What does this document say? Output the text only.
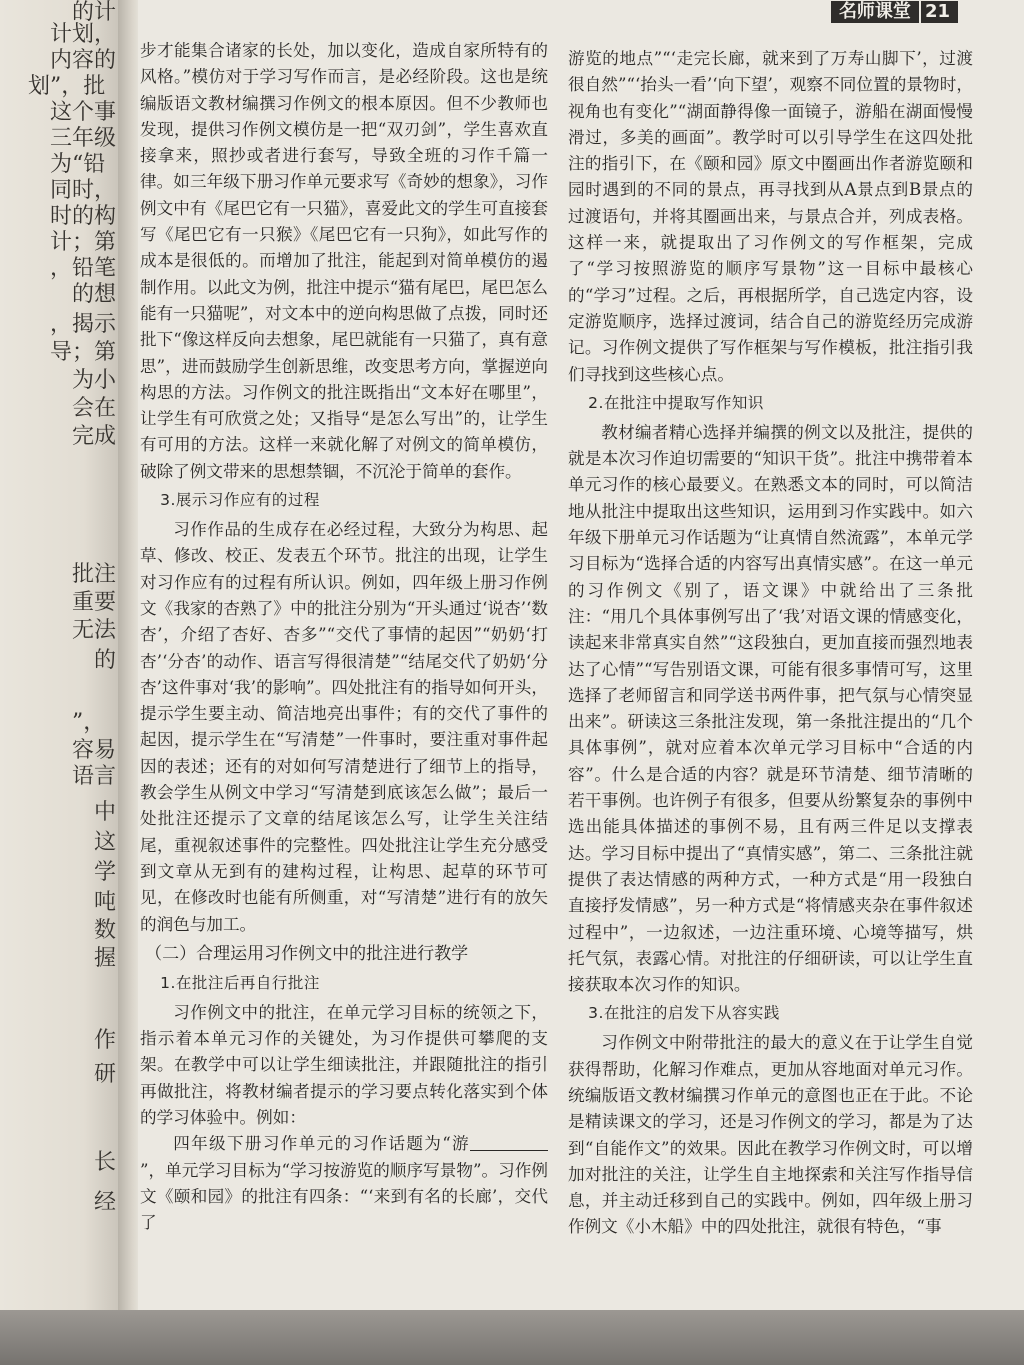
的计
计划，
内容的
划”，批
这个事
三年级
为“铅
同时，
时的构
计；第
，铅笔
的想
，揭示
导；第
为小
会在
完成
批注
重要
无法
的
”，
容易
语言
中
这
学
吨
数
握
作
研
长
经
名师课堂 21

步才能集合诸家的长处，加以变化，造成自家所特有的风格。”模仿对于学习写作而言，是必经阶段。这也是统编版语文教材编撰习作例文的根本原因。但不少教师也发现，提供习作例文模仿是一把“双刃剑”，学生喜欢直接拿来，照抄或者进行套写，导致全班的习作千篇一律。如三年级下册习作单元要求写《奇妙的想象》，习作例文中有《尾巴它有一只猫》，喜爱此文的学生可直接套写《尾巴它有一只猴》《尾巴它有一只狗》，如此写作的成本是很低的。而增加了批注，能起到对简单模仿的遏制作用。以此文为例，批注中提示“猫有尾巴，尾巴怎么能有一只猫呢”，对文本中的逆向构思做了点拨，同时还批下“像这样反向去想象，尾巴就能有一只猫了，真有意思”，进而鼓励学生创新思维，改变思考方向，掌握逆向构思的方法。习作例文的批注既指出“文本好在哪里”，让学生有可欣赏之处；又指导“是怎么写出”的，让学生有可用的方法。这样一来就化解了对例文的简单模仿，破除了例文带来的思想禁锢，不沉沦于简单的套作。

3.展示习作应有的过程

习作作品的生成存在必经过程，大致分为构思、起草、修改、校正、发表五个环节。批注的出现，让学生对习作应有的过程有所认识。例如，四年级上册习作例文《我家的杏熟了》中的批注分别为“开头通过‘说杏’‘数杏’，介绍了杏好、杏多”“交代了事情的起因”“奶奶‘打杏’‘分杏’的动作、语言写得很清楚”“结尾交代了奶奶‘分杏’这件事对‘我’的影响”。四处批注有的指导如何开头，提示学生要主动、简洁地亮出事件；有的交代了事件的起因，提示学生在“写清楚”一件事时，要注重对事件起因的表述；还有的对如何写清楚进行了细节上的指导，教会学生从例文中学习“写清楚到底该怎么做”；最后一处批注还提示了文章的结尾该怎么写，让学生关注结尾，重视叙述事件的完整性。四处批注让学生充分感受到文章从无到有的建构过程，让构思、起草的环节可见，在修改时也能有所侧重，对“写清楚”进行有的放矢的润色与加工。

（二）合理运用习作例文中的批注进行教学
1.在批注后再自行批注

习作例文中的批注，在单元学习目标的统领之下，指示着本单元习作的关键处，为习作提供可攀爬的支架。在教学中可以让学生细读批注，并跟随批注的指引再做批注，将教材编者提示的学习要点转化落实到个体的学习体验中。例如：

四年级下册习作单元的习作话题为“游”，单元学习目标为“学习按游览的顺序写景物”。习作例文《颐和园》的批注有四条：“‘来到有名的长廊’，交代了

游览的地点”“‘走完长廊，就来到了万寿山脚下’，过渡很自然”“‘抬头一看’‘向下望’，观察不同位置的景物时，视角也有变化”“湖面静得像一面镜子，游船在湖面慢慢滑过，多美的画面”。教学时可以引导学生在这四处批注的指引下，在《颐和园》原文中圈画出作者游览颐和园时遇到的不同的景点，再寻找到从A景点到B景点的过渡语句，并将其圈画出来，与景点合并，列成表格。这样一来，就提取出了习作例文的写作框架，完成了“学习按照游览的顺序写景物”这一目标中最核心的“学习”过程。之后，再根据所学，自己选定内容，设定游览顺序，选择过渡词，结合自己的游览经历完成游记。习作例文提供了写作框架与写作模板，批注指引我们寻找到这些核心点。

2.在批注中提取写作知识

教材编者精心选择并编撰的例文以及批注，提供的就是本次习作迫切需要的“知识干货”。批注中携带着本单元习作的核心最要义。在熟悉文本的同时，可以简洁地从批注中提取出这些知识，运用到习作实践中。如六年级下册单元习作话题为“让真情自然流露”，本单元学习目标为“选择合适的内容写出真情实感”。在这一单元的习作例文《别了，语文课》中就给出了三条批注：“用几个具体事例写出了‘我’对语文课的情感变化，读起来非常真实自然”“这段独白，更加直接而强烈地表达了心情”“写告别语文课，可能有很多事情可写，这里选择了老师留言和同学送书两件事，把气氛与心情突显出来”。研读这三条批注发现，第一条批注提出的“几个具体事例”，就对应着本次单元学习目标中“合适的内容”。什么是合适的内容？就是环节清楚、细节清晰的若干事例。也许例子有很多，但要从纷繁复杂的事例中选出能具体描述的事例不易，且有两三件足以支撑表达。学习目标中提出了“真情实感”，第二、三条批注就提供了表达情感的两种方式，一种方式是“用一段独白直接抒发情感”，另一种方式是“将情感夹杂在事件叙述过程中”，一边叙述，一边注重环境、心境等描写，烘托气氛，表露心情。对批注的仔细研读，可以让学生直接获取本次习作的知识。

3.在批注的启发下从容实践

习作例文中附带批注的最大的意义在于让学生自觉获得帮助，化解习作难点，更加从容地面对单元习作。统编版语文教材编撰习作单元的意图也正在于此。不论是精读课文的学习，还是习作例文的学习，都是为了达到“自能作文”的效果。因此在教学习作例文时，可以增加对批注的关注，让学生自主地探索和关注写作指导信息，并主动迁移到自己的实践中。例如，四年级上册习作例文《小木船》中的四处批注，就很有特色，“事
